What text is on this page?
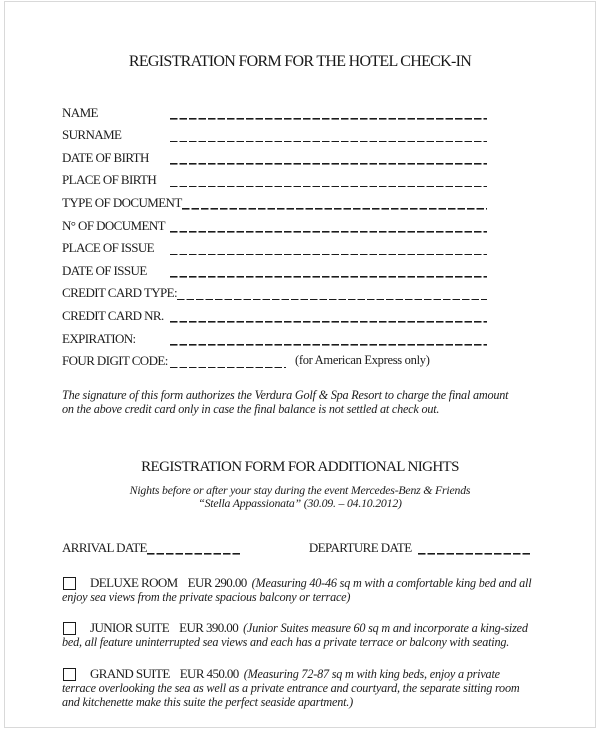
REGISTRATION FORM FOR THE HOTEL CHECK-IN
NAME
SURNAME
DATE OF BIRTH
PLACE OF BIRTH
TYPE OF DOCUMENT
N° OF DOCUMENT
PLACE OF ISSUE
DATE OF ISSUE
CREDIT CARD TYPE:
CREDIT CARD NR.
EXPIRATION:
FOUR DIGIT CODE:	(for American Express only)

The signature of this form authorizes the Verdura Golf & Spa Resort to charge the final amount on the above credit card only in case the final balance is not settled at check out.

REGISTRATION FORM FOR ADDITIONAL NIGHTS

Nights before or after your stay during the event Mercedes-Benz & Friends

“Stella Appassionata” (30.09. – 04.10.2012)

ARRIVAL DATE	DEPARTURE DATE
DELUXE ROOM EUR 290.00 (Measuring 40-46 sq m with a comfortable king bed and all enjoy sea views from the private spacious balcony or terrace)
JUNIOR SUITE EUR 390.00 (Junior Suites measure 60 sq m and incorporate a king-sized bed, all feature uninterrupted sea views and each has a private terrace or balcony with seating.
GRAND SUITE EUR 450.00 (Measuring 72-87 sq m with king beds, enjoy a private terrace overlooking the sea as well as a private entrance and courtyard, the separate sitting room and kitchenette make this suite the perfect seaside apartment.)
